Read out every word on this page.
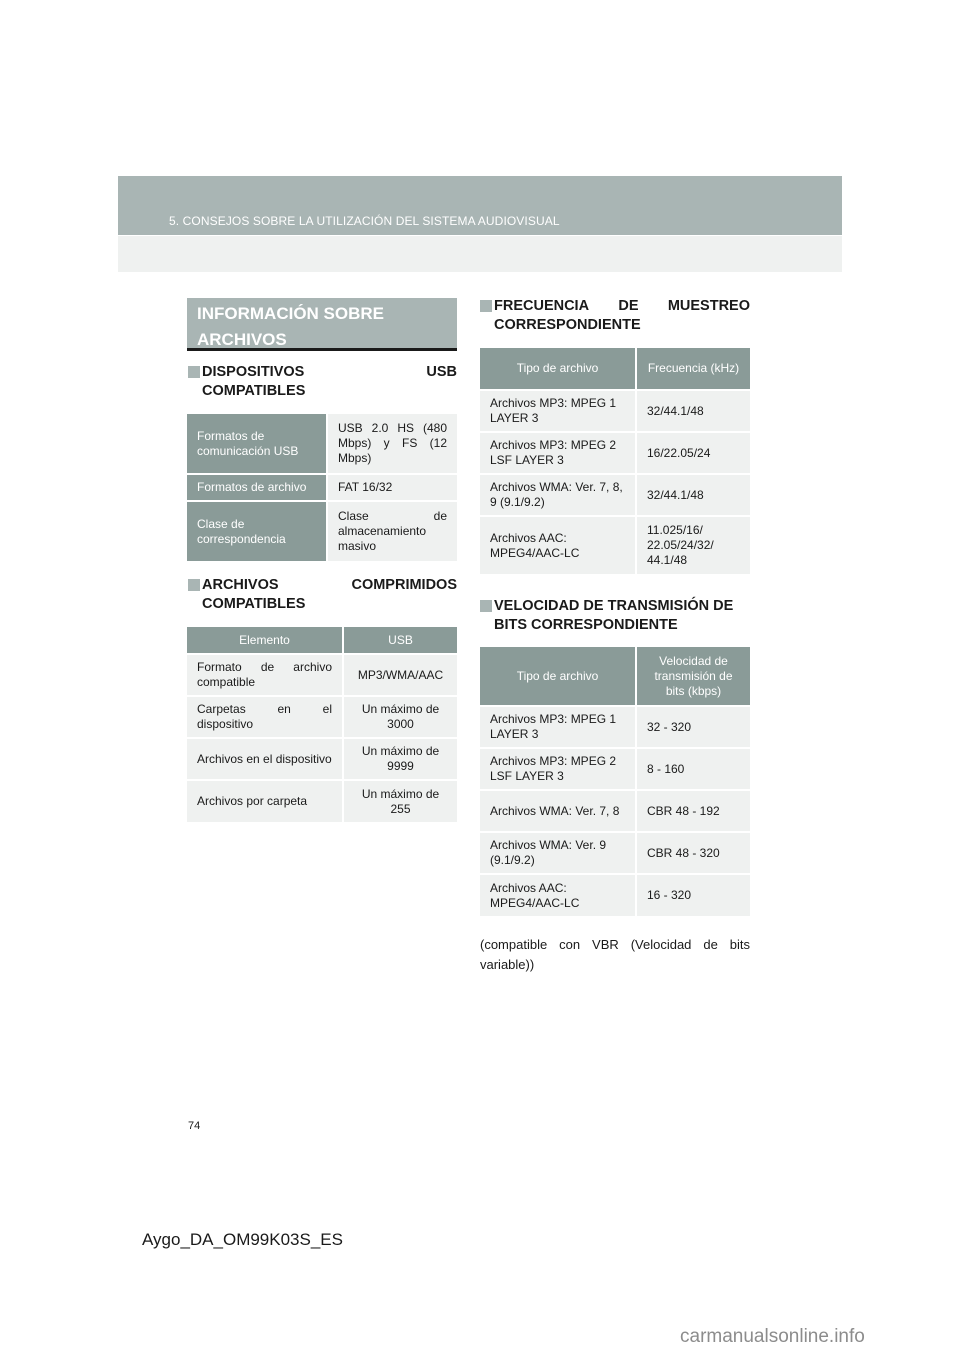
5. CONSEJOS SOBRE LA UTILIZACIÓN DEL SISTEMA AUDIOVISUAL
INFORMACIÓN SOBRE
ARCHIVOS
DISPOSITIVOS	USB
COMPATIBLES
Formatos de comunicación USB	USB 2.0 HS (480 Mbps) y FS (12 Mbps)
Formatos de archivo	FAT 16/32
Clase de correspondencia	Clase de almacenamiento masivo
ARCHIVOS	COMPRIMIDOS
COMPATIBLES
Elemento	USB
Formato de archivo compatible	MP3/WMA/AAC
Carpetas en el dispositivo	Un máximo de 3000
Archivos en el dispositivo	Un máximo de 9999
Archivos por carpeta	Un máximo de 255
FRECUENCIA DE MUESTREO
CORRESPONDIENTE
Tipo de archivo	Frecuencia (kHz)
Archivos MP3: MPEG 1 LAYER 3	32/44.1/48
Archivos MP3: MPEG 2 LSF LAYER 3	16/22.05/24
Archivos WMA: Ver. 7, 8, 9 (9.1/9.2)	32/44.1/48
Archivos AAC: MPEG4/AAC-LC	11.025/16/ 22.05/24/32/ 44.1/48
VELOCIDAD DE TRANSMISIÓN DE
BITS CORRESPONDIENTE
Tipo de archivo	Velocidad de transmisión de bits (kbps)
Archivos MP3: MPEG 1 LAYER 3	32 - 320
Archivos MP3: MPEG 2 LSF LAYER 3	8 - 160
Archivos WMA: Ver. 7, 8	CBR 48 - 192
Archivos WMA: Ver. 9 (9.1/9.2)	CBR 48 - 320
Archivos AAC: MPEG4/AAC-LC	16 - 320
(compatible con VBR (Velocidad de bits variable))
74
Aygo_DA_OM99K03S_ES
carmanualsonline.info
